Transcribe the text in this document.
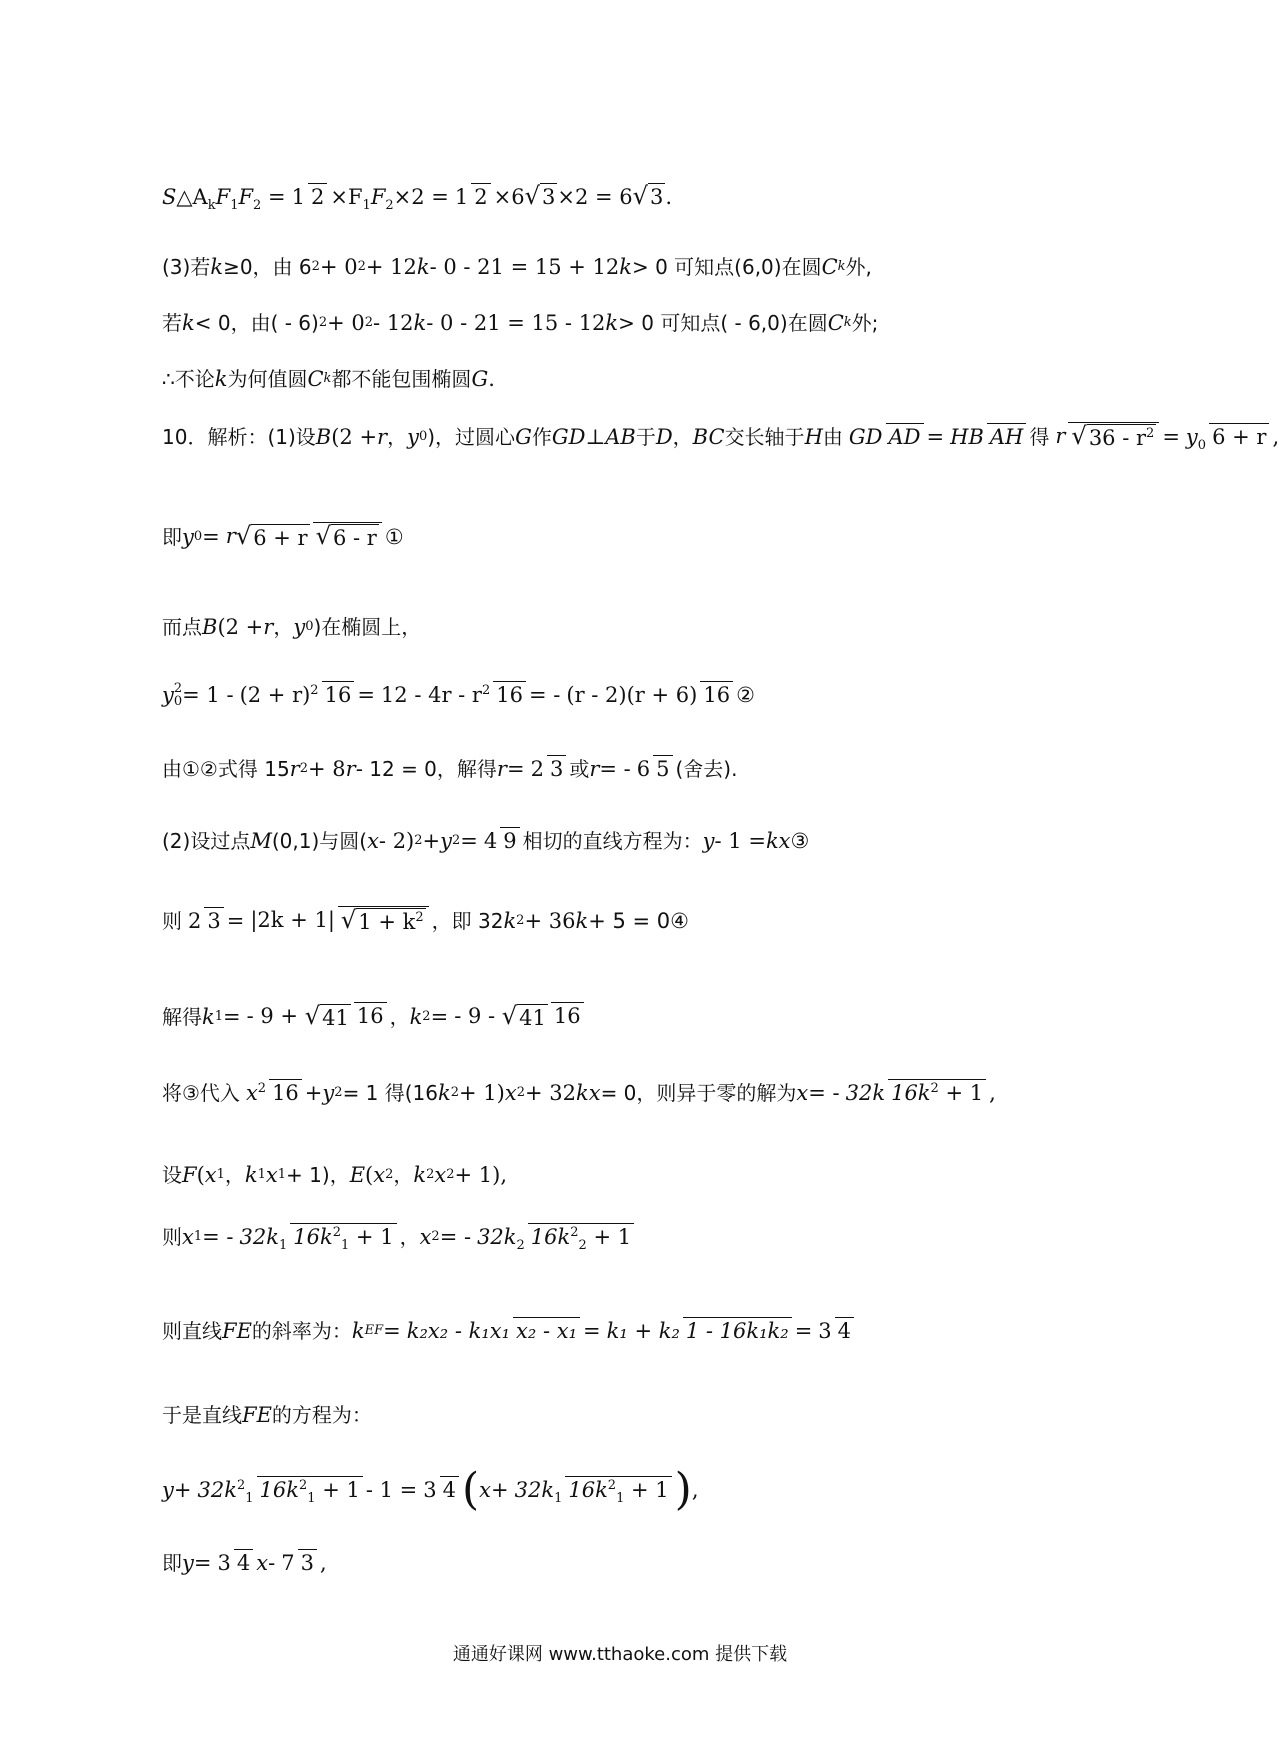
$S\triangle A_kF_1F_2 = 1$ $2 \times F_1F_2\times 2 = 1$ 2 ×6 √3 ×2 = 6 √3 .
(3)若 k ≥0，由 6 2 + 0 2 + 12 k - 0 - 21 = 15 + 12 k > 0 可知点(6,0)在圆 C k 外,
若 k < 0，由( - 6) 2 + 0 2 - 12 k - 0 - 21 = 15 - 12 k > 0 可知点( - 6,0)在圆 C k 外;
∴不论 k 为何值圆 C k 都不能包围椭圆 G .
10．解析：(1)设 B (2 + r ， y 0 )，过圆心 G 作 GD ⊥ AB 于 D ， BC 交长轴于 H 由 GD AD = HB AH 得 r √ $36 - r^2 = y_0$ 6 + r ,
即 y 0 = r √ 6 + r √ 6 - r ①
而点 B (2 + r ， y 0 )在椭圆上，
y 2
$0 = 1 - (2 + r)^2$ $16 = 12 - 4r - r^2$ 16 = - (r - 2)(r + 6) 16 ②
由①②式得 15 r 2 + 8 r - 12 = 0，解得 r = 2 3 或 r = - 6 5 (舍去).
(2)设过点 M (0,1)与圆( x - 2) 2 + y 2 = 4 9 相切的直线方程为： y - 1 = kx ③
则 2 3 = |2k + 1| √ $1 + k^2$ ，即 32 k 2 + 36 k + 5 = 0④
解得 k 1 = - 9 + √ 41 16 ， k 2 = - 9 - √ 41 16
将③代入 $x^2$ 16 + y 2 = 1 得(16 k 2 + 1) x 2 + 32 kx = 0，则异于零的解为 x = - 32k $16k^2 + 1$ ,
设 F ( x 1 ， k 1 x 1 + 1)， E ( x 2 ， k 2 x 2 + 1),
则 x 1 = - $32k_1$ $16k^2_1 + 1$ ， x 2 = - $32k_2$ $16k^2_2 + 1$
则直线 FE 的斜率为： k EF = k₂x₂ - k₁x₁ x₂ - x₁ = k₁ + k₂ 1 - 16k₁k₂ = 3 4
于是直线 FE 的方程为：
$y + 32k^2_1$ $16k^2_1 + 1 - 1 = 3$ 4 ( $x + 32k_1$ $16k^2_1 + 1$ ) ,
即 y = 3 4 x - 7 3 ,
通通好课网 www.tthaoke.com 提供下载
